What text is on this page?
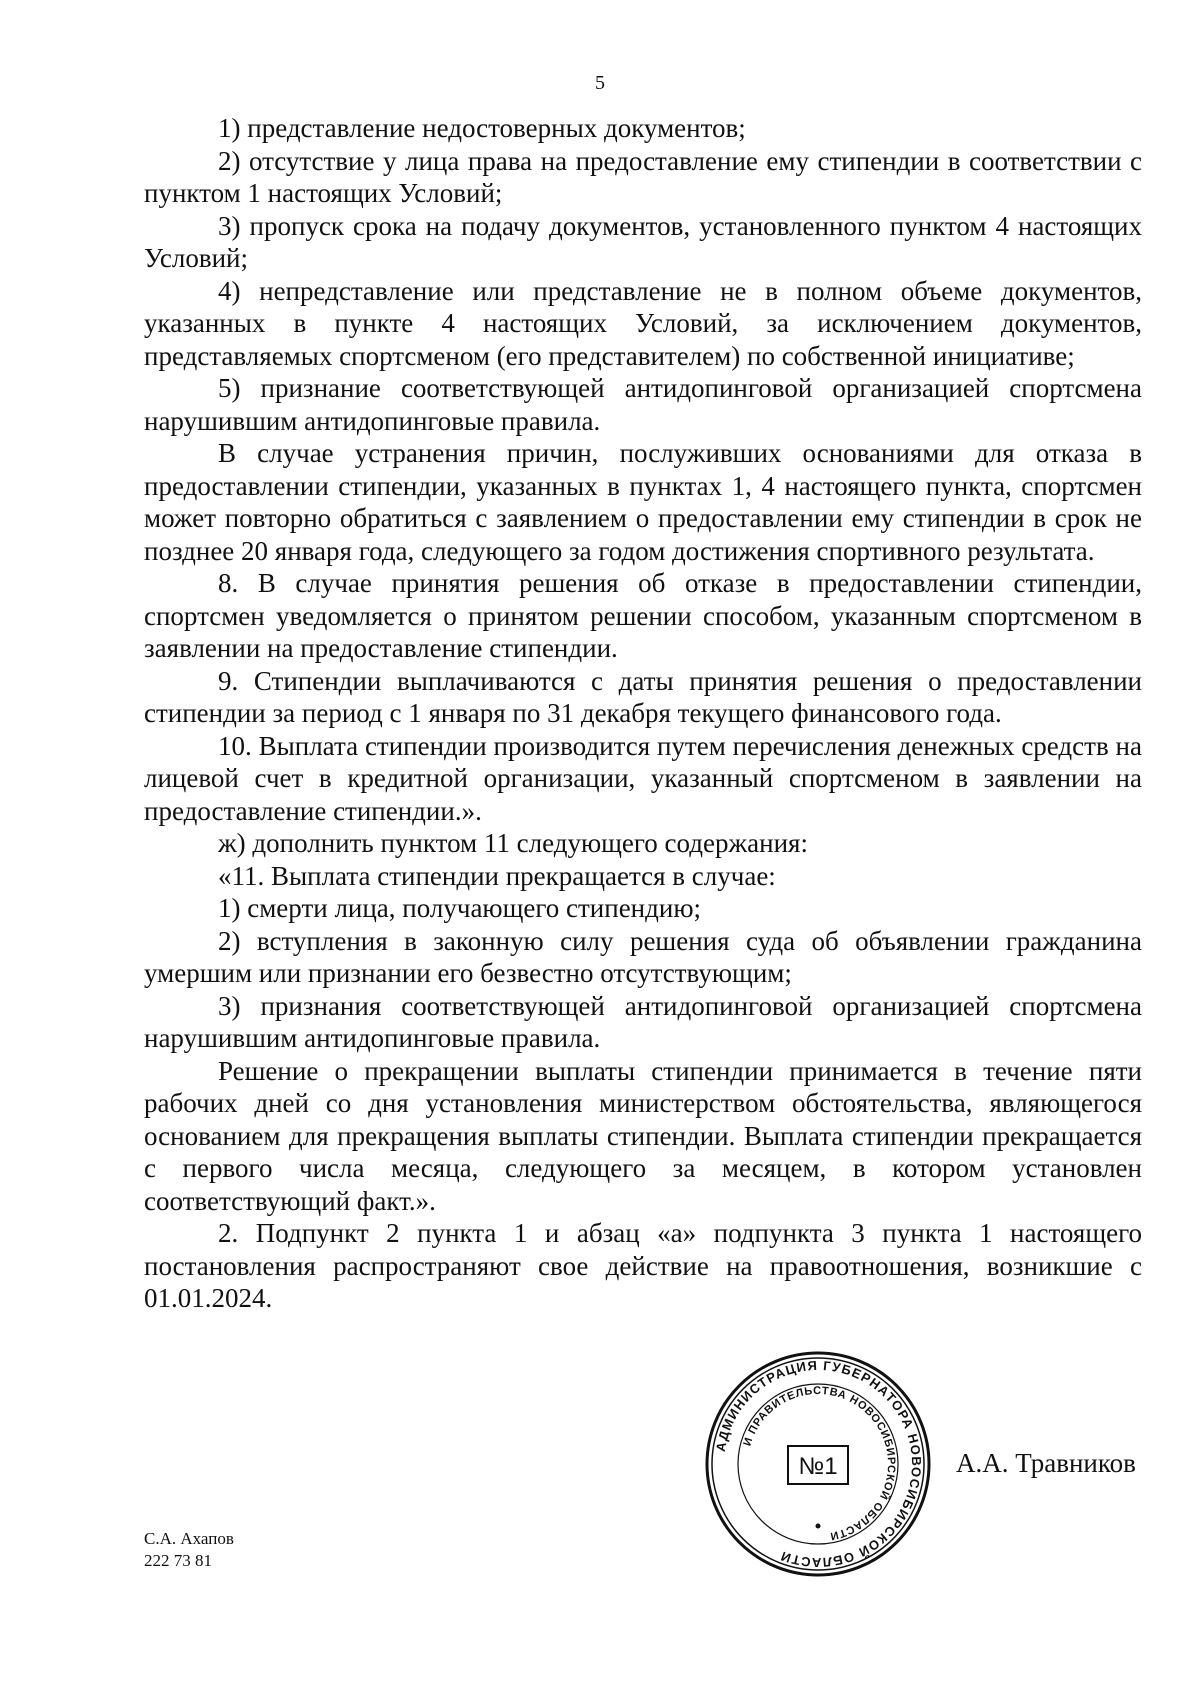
5

1) представление недостоверных документов;

2) отсутствие у лица права на предоставление ему стипендии в соответствии с пунктом 1 настоящих Условий;

3) пропуск срока на подачу документов, установленного пунктом 4 настоящих Условий;

4) непредставление или представление не в полном объеме документов, указанных в пункте 4 настоящих Условий, за исключением документов, представляемых спортсменом (его представителем) по собственной инициативе;

5) признание соответствующей антидопинговой организацией спортсмена нарушившим антидопинговые правила.

В случае устранения причин, послуживших основаниями для отказа в предоставлении стипендии, указанных в пунктах 1, 4 настоящего пункта, спортсмен может повторно обратиться с заявлением о предоставлении ему стипендии в срок не позднее 20 января года, следующего за годом достижения спортивного результата.

8. В случае принятия решения об отказе в предоставлении стипендии, спортсмен уведомляется о принятом решении способом, указанным спортсменом в заявлении на предоставление стипендии.

9. Стипендии выплачиваются с даты принятия решения о предоставлении стипендии за период с 1 января по 31 декабря текущего финансового года.

10. Выплата стипендии производится путем перечисления денежных средств на лицевой счет в кредитной организации, указанный спортсменом в заявлении на предоставление стипендии.».

ж) дополнить пунктом 11 следующего содержания:

«11. Выплата стипендии прекращается в случае:

1) смерти лица, получающего стипендию;

2) вступления в законную силу решения суда об объявлении гражданина умершим или признании его безвестно отсутствующим;

3) признания соответствующей антидопинговой организацией спортсмена нарушившим антидопинговые правила.

Решение о прекращении выплаты стипендии принимается в течение пяти рабочих дней со дня установления министерством обстоятельства, являющегося основанием для прекращения выплаты стипендии. Выплата стипендии прекращается с первого числа месяца, следующего за месяцем, в котором установлен соответствующий факт.».

2. Подпункт 2 пункта 1 и абзац «а» подпункта 3 пункта 1 настоящего постановления распространяют свое действие на правоотношения, возникшие с 01.01.2024.

АДМИНИСТРАЦИЯ ГУБЕРНАТОРА НОВОСИБИРСКОЙ ОБЛАСТИ
И ПРАВИТЕЛЬСТВА НОВОСИБИРСКОЙ ОБЛАСТИ
№1	А.А. Травников
С.А. Ахапов
222 73 81
